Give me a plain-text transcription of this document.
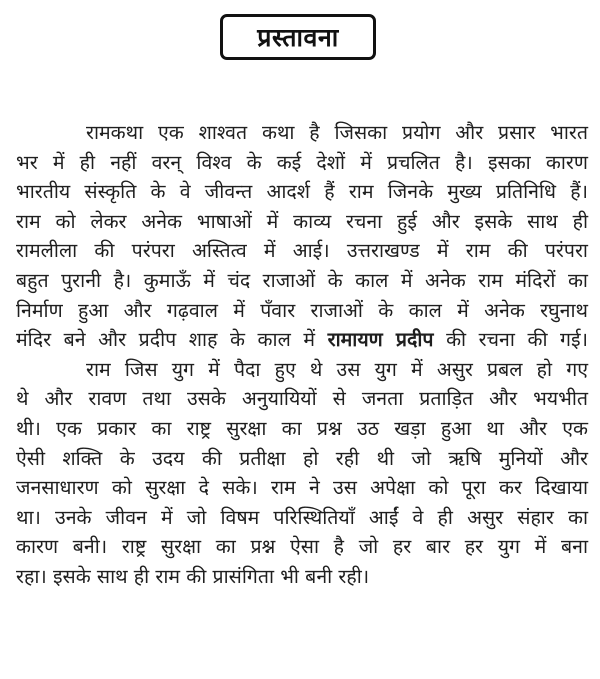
प्रस्तावना
रामकथा एक शाश्वत कथा है जिसका प्रयोग और प्रसार भारत
भर में ही नहीं वरन् विश्व के कई देशों में प्रचलित है। इसका कारण
भारतीय संस्कृति के वे जीवन्त आदर्श हैं राम जिनके मुख्य प्रतिनिधि हैं।
राम को लेकर अनेक भाषाओं में काव्य रचना हुई और इसके साथ ही
रामलीला की परंपरा अस्तित्व में आई। उत्तराखण्ड में राम की परंपरा
बहुत पुरानी है। कुमाऊँ में चंद राजाओं के काल में अनेक राम मंदिरों का
निर्माण हुआ और गढ़वाल में पँवार राजाओं के काल में अनेक रघुनाथ
मंदिर बने और प्रदीप शाह के काल में रामायण प्रदीप की रचना की गई।
राम जिस युग में पैदा हुए थे उस युग में असुर प्रबल हो गए
थे और रावण तथा उसके अनुयायियों से जनता प्रताड़ित और भयभीत
थी। एक प्रकार का राष्ट्र सुरक्षा का प्रश्न उठ खड़ा हुआ था और एक
ऐसी शक्ति के उदय की प्रतीक्षा हो रही थी जो ऋषि मुनियों और
जनसाधारण को सुरक्षा दे सके। राम ने उस अपेक्षा को पूरा कर दिखाया
था। उनके जीवन में जो विषम परिस्थितियाँ आईं वे ही असुर संहार का
कारण बनी। राष्ट्र सुरक्षा का प्रश्न ऐसा है जो हर बार हर युग में बना
रहा। इसके साथ ही राम की प्रासंगिता भी बनी रही।
